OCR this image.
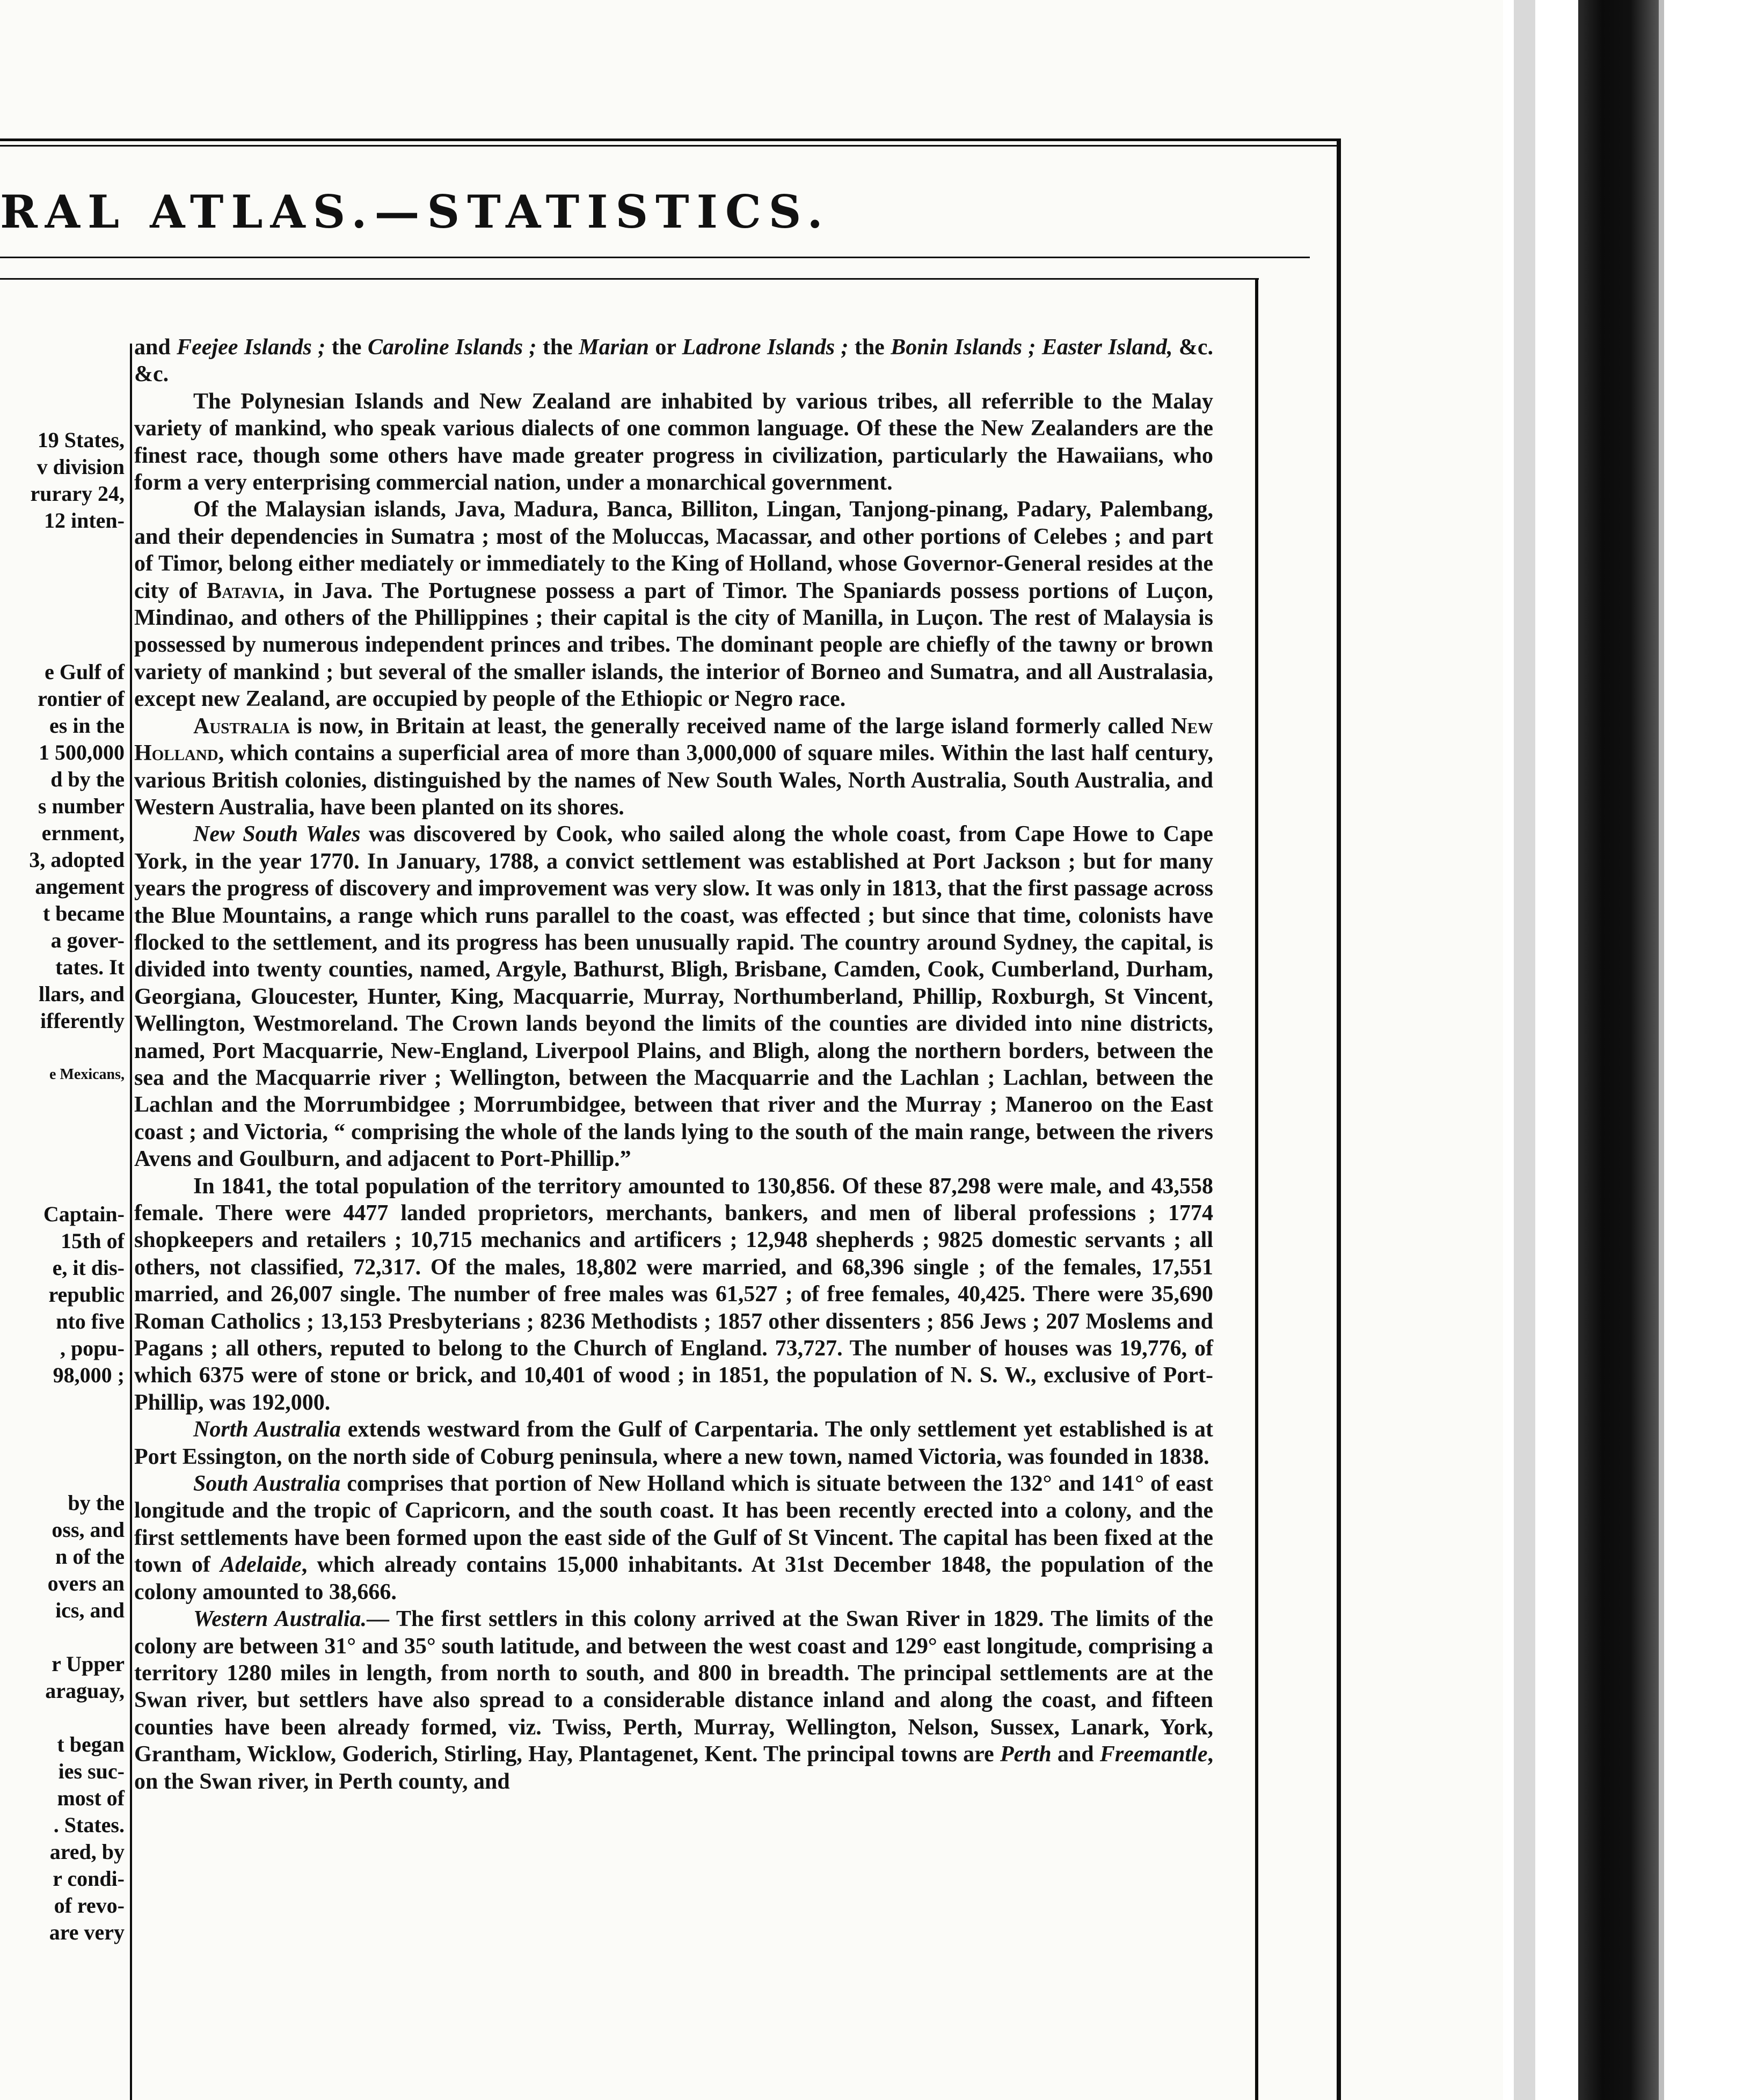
RAL ATLAS.—STATISTICS.
19 States,
v division
rurary 24,
12 inten-
e Gulf of
rontier of
es in the
1 500,000
d by the
s number
ernment,
3, adopted
angement
t became
a gover-
tates. It
llars, and
ifferently
e Mexicans,
Captain-
15th of
e, it dis-
republic
nto five
, popu-
98,000 ;
by the
oss, and
n of the
overs an
ics, and
r Upper
araguay,
t began
ies suc-
most of
. States.
ared, by
r condi-
of revo-
are very

and Feejee Islands ; the Caroline Islands ; the Marian or Ladrone Islands ; the Bonin Islands ; Easter Island, &c. &c.

The Polynesian Islands and New Zealand are inhabited by various tribes, all referrible to the Malay variety of mankind, who speak various dialects of one common language. Of these the New Zealanders are the finest race, though some others have made greater progress in civilization, particularly the Hawaiians, who form a very enterprising commercial nation, under a monarchical government.

Of the Malaysian islands, Java, Madura, Banca, Billiton, Lingan, Tanjong-pinang, Padary, Palembang, and their dependencies in Sumatra ; most of the Moluccas, Macassar, and other portions of Celebes ; and part of Timor, belong either mediately or immediately to the King of Holland, whose Governor-General resides at the city of Batavia, in Java. The Portugnese possess a part of Timor. The Spaniards possess portions of Luçon, Mindinao, and others of the Phillippines ; their capital is the city of Manilla, in Luçon. The rest of Malaysia is possessed by numerous independent princes and tribes. The dominant people are chiefly of the tawny or brown variety of mankind ; but several of the smaller islands, the interior of Borneo and Sumatra, and all Australasia, except new Zealand, are occupied by people of the Ethiopic or Negro race.

Australia is now, in Britain at least, the generally received name of the large island formerly called New Holland, which contains a superficial area of more than 3,000,000 of square miles. Within the last half century, various British colonies, distinguished by the names of New South Wales, North Australia, South Australia, and Western Australia, have been planted on its shores.

New South Wales was discovered by Cook, who sailed along the whole coast, from Cape Howe to Cape York, in the year 1770. In January, 1788, a convict settlement was established at Port Jackson ; but for many years the progress of discovery and improvement was very slow. It was only in 1813, that the first passage across the Blue Mountains, a range which runs parallel to the coast, was effected ; but since that time, colonists have flocked to the settlement, and its progress has been unusually rapid. The country around Sydney, the capital, is divided into twenty counties, named, Argyle, Bathurst, Bligh, Brisbane, Camden, Cook, Cumberland, Durham, Georgiana, Gloucester, Hunter, King, Macquarrie, Murray, Northumberland, Phillip, Roxburgh, St Vincent, Wellington, Westmoreland. The Crown lands beyond the limits of the counties are divided into nine districts, named, Port Macquarrie, New-England, Liverpool Plains, and Bligh, along the northern borders, between the sea and the Macquarrie river ; Wellington, between the Macquarrie and the Lachlan ; Lachlan, between the Lachlan and the Morrumbidgee ; Morrumbidgee, between that river and the Murray ; Maneroo on the East coast ; and Victoria, “ comprising the whole of the lands lying to the south of the main range, between the rivers Avens and Goulburn, and adjacent to Port-Phillip.”

In 1841, the total population of the territory amounted to 130,856. Of these 87,298 were male, and 43,558 female. There were 4477 landed proprietors, merchants, bankers, and men of liberal professions ; 1774 shopkeepers and retailers ; 10,715 mechanics and artificers ; 12,948 shepherds ; 9825 domestic servants ; all others, not classified, 72,317. Of the males, 18,802 were married, and 68,396 single ; of the females, 17,551 married, and 26,007 single. The number of free males was 61,527 ; of free females, 40,425. There were 35,690 Roman Catholics ; 13,153 Presbyterians ; 8236 Methodists ; 1857 other dissenters ; 856 Jews ; 207 Moslems and Pagans ; all others, reputed to belong to the Church of England. 73,727. The number of houses was 19,776, of which 6375 were of stone or brick, and 10,401 of wood ; in 1851, the population of N. S. W., exclusive of Port-Phillip, was 192,000.

North Australia extends westward from the Gulf of Carpentaria. The only settlement yet established is at Port Essington, on the north side of Coburg peninsula, where a new town, named Victoria, was founded in 1838.

South Australia comprises that portion of New Holland which is situate between the 132° and 141° of east longitude and the tropic of Capricorn, and the south coast. It has been recently erected into a colony, and the first settlements have been formed upon the east side of the Gulf of St Vincent. The capital has been fixed at the town of Adelaide, which already contains 15,000 inhabitants. At 31st December 1848, the population of the colony amounted to 38,666.

Western Australia.— The first settlers in this colony arrived at the Swan River in 1829. The limits of the colony are between 31° and 35° south latitude, and between the west coast and 129° east longitude, comprising a territory 1280 miles in length, from north to south, and 800 in breadth. The principal settlements are at the Swan river, but settlers have also spread to a considerable distance inland and along the coast, and fifteen counties have been already formed, viz. Twiss, Perth, Murray, Wellington, Nelson, Sussex, Lanark, York, Grantham, Wicklow, Goderich, Stirling, Hay, Plantagenet, Kent. The principal towns are Perth and Freemantle, on the Swan river, in Perth county, and
